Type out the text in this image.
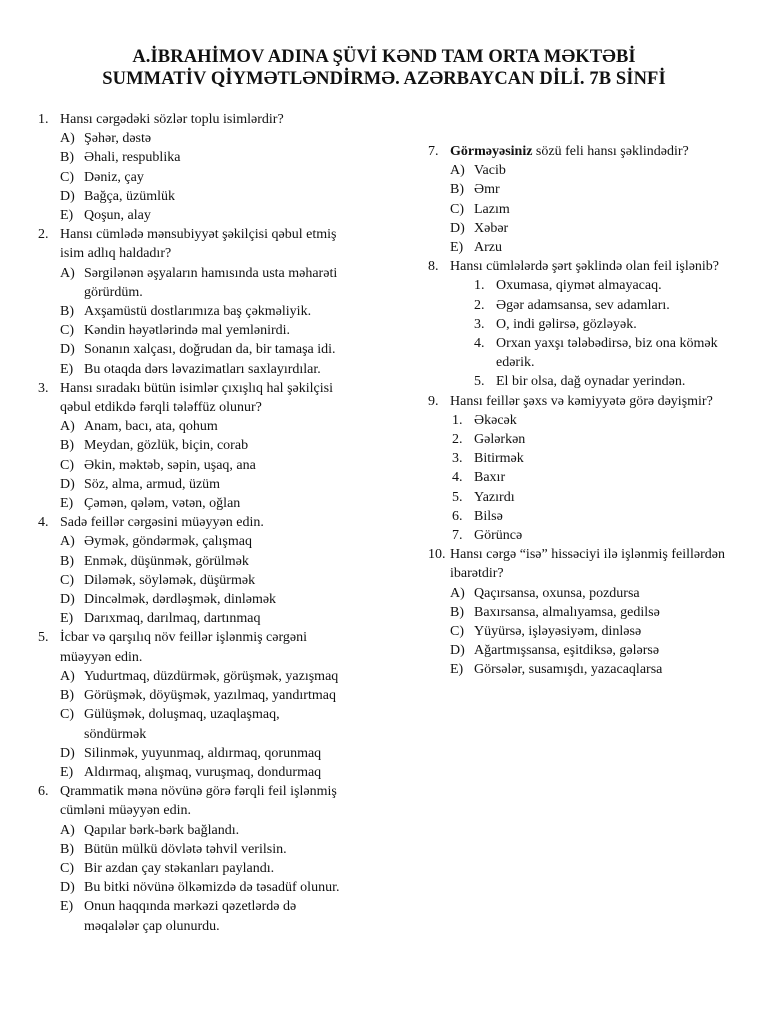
A.İBRAHİMOV ADINA ŞÜVİ KƏND TAM ORTA MƏKTƏBİ
SUMMATİV QİYMƏTLƏNDİRMƏ. AZƏRBAYCAN DİLİ. 7B SİNFİ
1. Hansı cərgədəki sözlər toplu isimlərdir?
A) Şəhər, dəstə
B) Əhali, respublika
C) Dəniz, çay
D) Bağça, üzümlük
E) Qoşun, alay
2. Hansı cümlədə mənsubiyyət şəkilçisi qəbul etmiş
isim adlıq haldadır?
A) Sərgilənən əşyaların hamısında usta məharəti
görürdüm.
B) Axşamüstü dostlarımıza baş çəkməliyik.
C) Kəndin həyətlərində mal yemlənirdi.
D) Sonanın xalçası, doğrudan da, bir tamaşa idi.
E) Bu otaqda dərs ləvazimatları saxlayırdılar.
3. Hansı sıradakı bütün isimlər çıxışlıq hal şəkilçisi
qəbul etdikdə fərqli tələffüz olunur?
A) Anam, bacı, ata, qohum
B) Meydan, gözlük, biçin, corab
C) Əkin, məktəb, səpin, uşaq, ana
D) Söz, alma, armud, üzüm
E) Çəmən, qələm, vətən, oğlan
4. Sadə feillər cərgəsini müəyyən edin.
A) Əymək, göndərmək, çalışmaq
B) Enmək, düşünmək, görülmək
C) Diləmək, söyləmək, düşürmək
D) Dincəlmək, dərdləşmək, dinləmək
E) Darıxmaq, darılmaq, dartınmaq
5. İcbar və qarşılıq növ feillər işlənmiş cərgəni
müəyyən edin.
A) Yudurtmaq, düzdürmək, görüşmək, yazışmaq
B) Görüşmək, döyüşmək, yazılmaq, yandırtmaq
C) Gülüşmək, doluşmaq, uzaqlaşmaq,
söndürmək
D) Silinmək, yuyunmaq, aldırmaq, qorunmaq
E) Aldırmaq, alışmaq, vuruşmaq, dondurmaq
6. Qrammatik məna növünə görə fərqli feil işlənmiş
cümləni müəyyən edin.
A) Qapılar bərk-bərk bağlandı.
B) Bütün mülkü dövlətə təhvil verilsin.
C) Bir azdan çay stəkanları paylandı.
D) Bu bitki növünə ölkəmizdə də təsadüf olunur.
E) Onun haqqında mərkəzi qəzetlərdə də
məqalələr çap olunurdu.
7. Görməyəsiniz sözü feli hansı şəklindədir?
A) Vacib
B) Əmr
C) Lazım
D) Xəbər
E) Arzu
8. Hansı cümlələrdə şərt şəklində olan feil işlənib?
1. Oxumasa, qiymət almayacaq.
2. Əgər adamsansa, sev adamları.
3. O, indi gəlirsə, gözləyək.
4. Orxan yaxşı tələbədirsə, biz ona kömək
edərik.
5. El bir olsa, dağ oynadar yerindən.
9. Hansı feillər şəxs və kəmiyyətə görə dəyişmir?
1. Əkəcək
2. Gələrkən
3. Bitirmək
4. Baxır
5. Yazırdı
6. Bilsə
7. Görüncə
10. Hansı cərgə “isə” hissəciyi ilə işlənmiş feillərdən
ibarətdir?
A) Qaçırsansa, oxunsa, pozdursa
B) Baxırsansa, almalıyamsa, gedilsə
C) Yüyürsə, işləyəsiyəm, dinləsə
D) Ağartmışsansa, eşitdiksə, gələrsə
E) Görsələr, susamışdı, yazacaqlarsa
